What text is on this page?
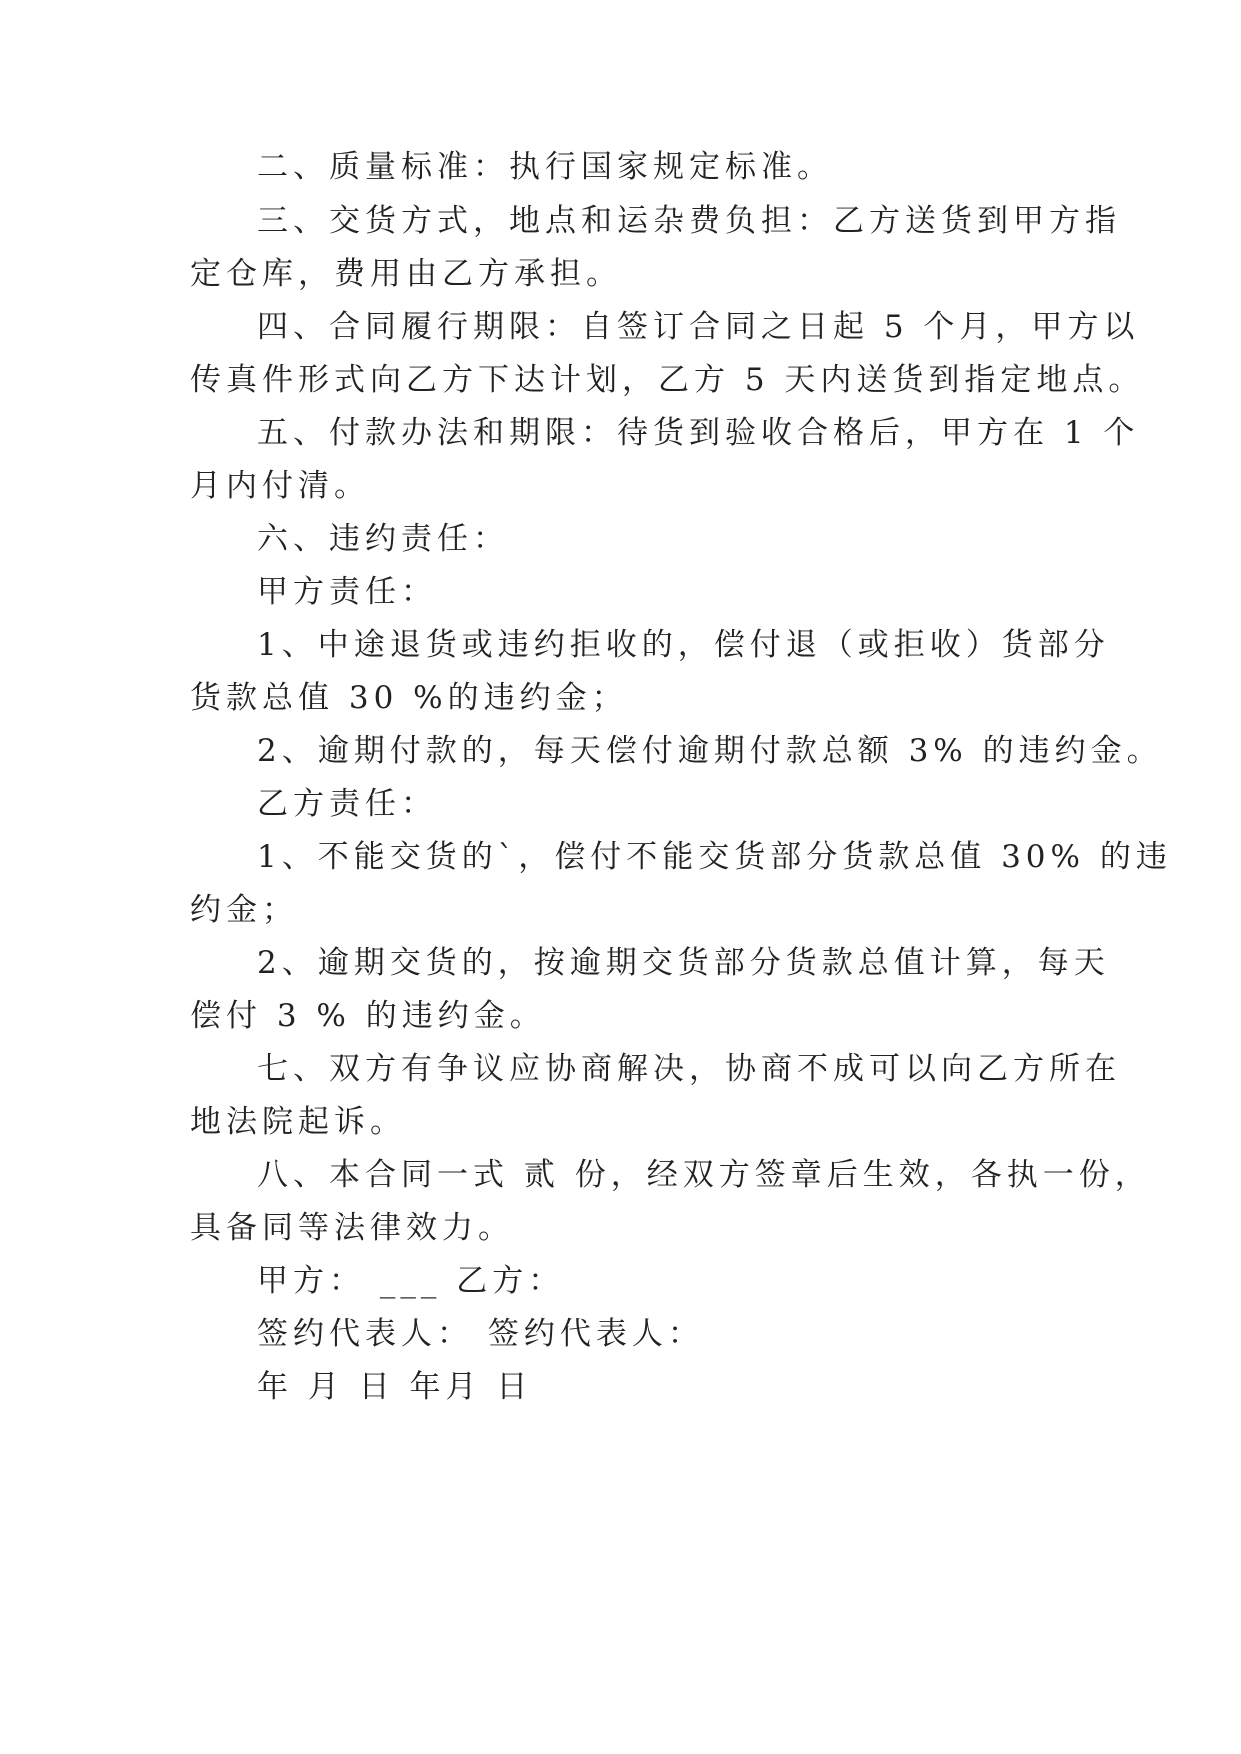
二、质量标准：执行国家规定标准。
三、交货方式，地点和运杂费负担：乙方送货到甲方指
定仓库，费用由乙方承担。
四、合同履行期限：自签订合同之日起 5 个月，甲方以
传真件形式向乙方下达计划，乙方 5 天内送货到指定地点。
五、付款办法和期限：待货到验收合格后，甲方在 1 个
月内付清。
六、违约责任：
甲方责任：
1、中途退货或违约拒收的，偿付退（或拒收）货部分
货款总值 30 %的违约金；
2、逾期付款的，每天偿付逾期付款总额 3% 的违约金。
乙方责任：
1、不能交货的`，偿付不能交货部分货款总值 30% 的违
约金；
2、逾期交货的，按逾期交货部分货款总值计算，每天
偿付 3 % 的违约金。
七、双方有争议应协商解决，协商不成可以向乙方所在
地法院起诉。
八、本合同一式 贰 份，经双方签章后生效，各执一份，
具备同等法律效力。
甲方： ___ 乙方：
签约代表人： 签约代表人：
年 月 日 年月 日
